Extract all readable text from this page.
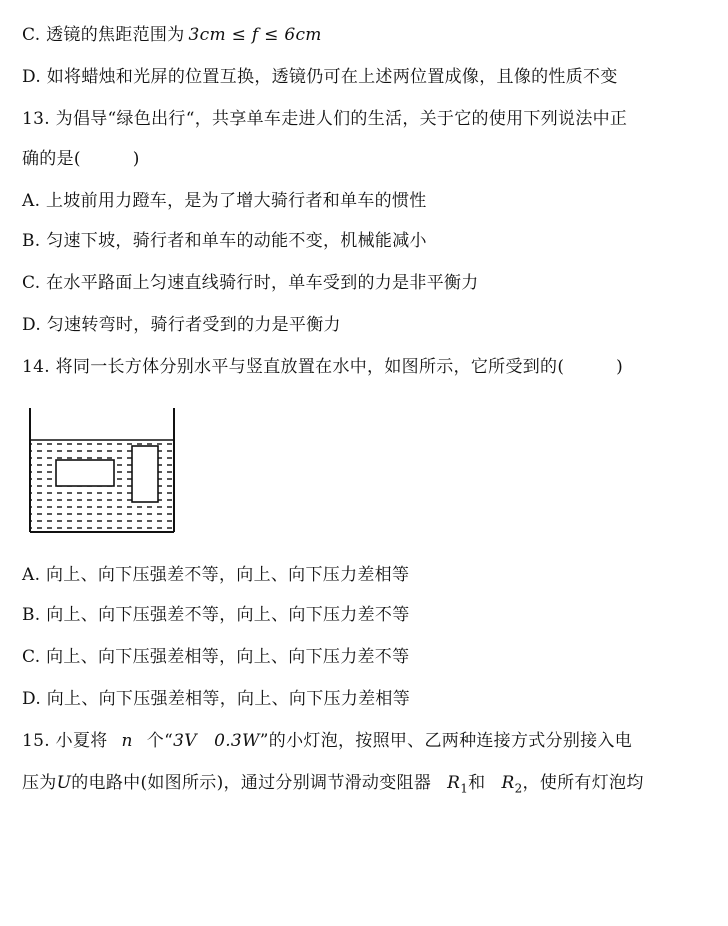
C. 透镜的焦距范围为 3cm ≤ f ≤ 6cm
D. 如将蜡烛和光屏的位置互换，透镜仍可在上述两位置成像，且像的性质不变
13. 为倡导“绿色出行“，共享单车走进人们的生活，关于它的使用下列说法中正
确的是(　　　)
A. 上坡前用力蹬车，是为了增大骑行者和单车的惯性
B. 匀速下坡，骑行者和单车的动能不变，机械能减小
C. 在水平路面上匀速直线骑行时，单车受到的力是非平衡力
D. 匀速转弯时，骑行者受到的力是平衡力
14. 将同一长方体分别水平与竖直放置在水中，如图所示，它所受到的(　　　)
A. 向上、向下压强差不等，向上、向下压力差相等
B. 向上、向下压强差不等，向上、向下压力差不等
C. 向上、向下压强差相等，向上、向下压力差不等
D. 向上、向下压强差相等，向上、向下压力差相等
15. 小夏将 n 个“3V　0.3W”的小灯泡，按照甲、乙两种连接方式分别接入电
压为U的电路中(如图所示)，通过分别调节滑动变阻器 $R_1$和 $R_2$，使所有灯泡均
